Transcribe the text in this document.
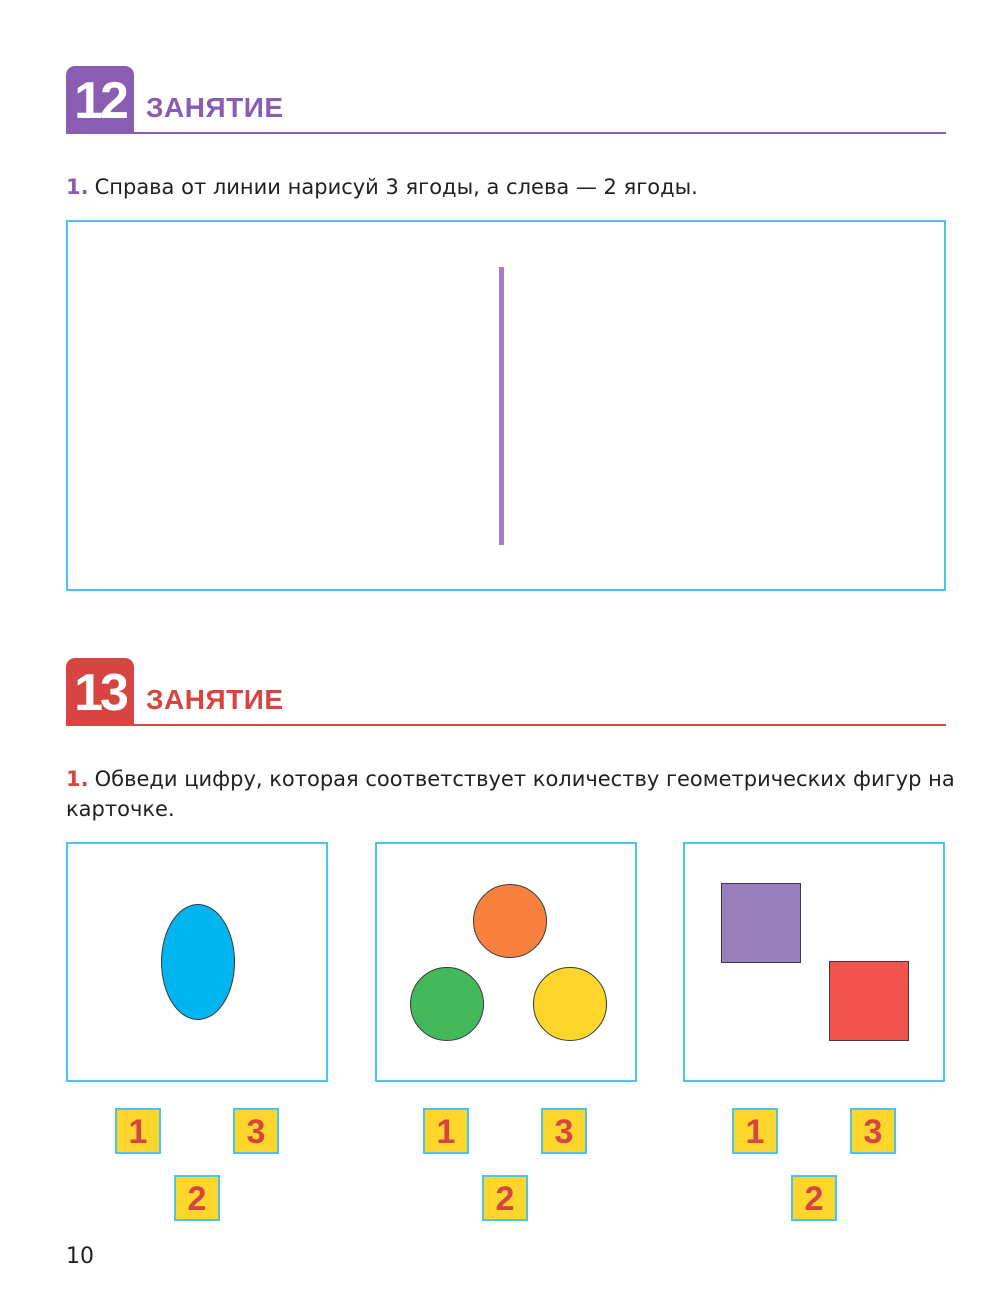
12 ЗАНЯТИЕ
1. Справа от линии нарисуй 3 ягоды, а слева — 2 ягоды.
13 ЗАНЯТИЕ
1. Обведи цифру, которая соответствует количеству геометрических фигур на карточке.
1	3
2
1	3
2
1	3
2
10
